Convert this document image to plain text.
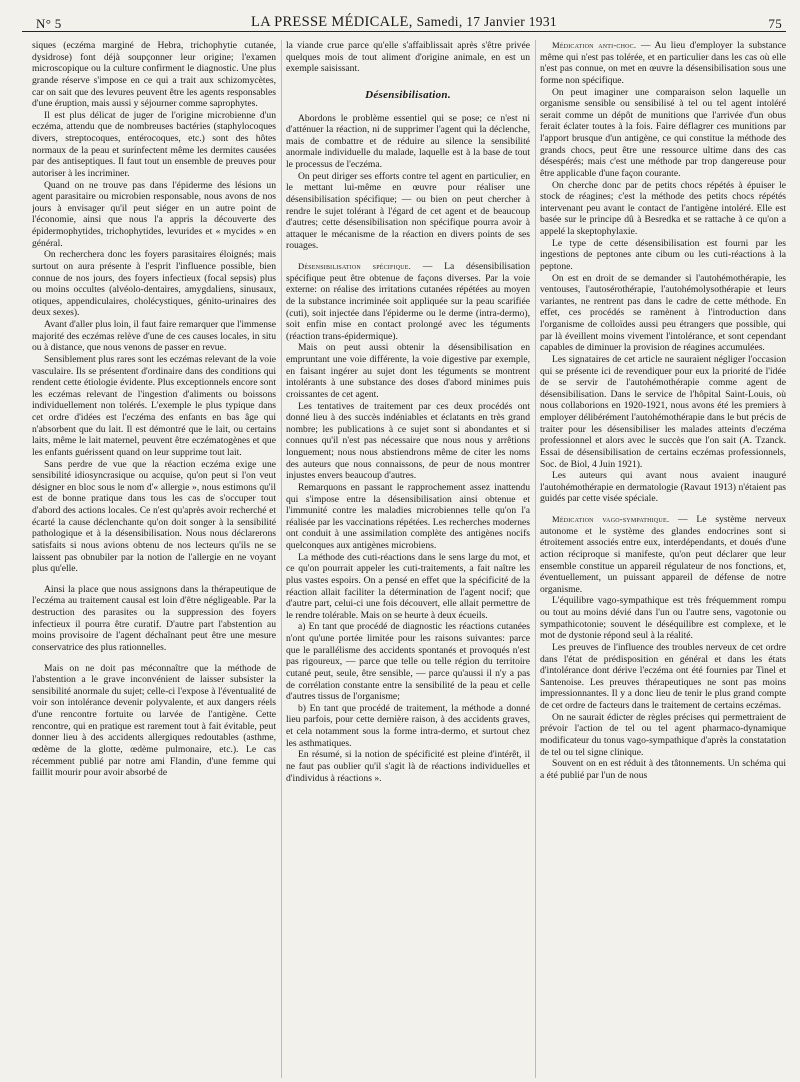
N° 5	LA PRESSE MÉDICALE, Samedi, 17 Janvier 1931	75

siques (eczéma marginé de Hebra, trichophytie cutanée, dysidrose) font déjà soupçonner leur origine; l'examen microscopique ou la culture confirment le diagnostic. Une plus grande réserve s'impose en ce qui a trait aux schizomycètes, car on sait que des levures peuvent être les agents responsables d'une éruption, mais aussi y séjourner comme saprophytes.

Il est plus délicat de juger de l'origine microbienne d'un eczéma, attendu que de nombreuses bactéries (staphylocoques divers, streptocoques, entérocoques, etc.) sont des hôtes normaux de la peau et surinfectent même les dermites causées par des antiseptiques. Il faut tout un ensemble de preuves pour autoriser à les incriminer.

Quand on ne trouve pas dans l'épiderme des lésions un agent parasitaire ou microbien responsable, nous avons de nos jours à envisager qu'il peut siéger en un autre point de l'économie, ainsi que nous l'a appris la découverte des épidermophytides, trichophytides, levurides et « mycides » en général.

On recherchera donc les foyers parasitaires éloignés; mais surtout on aura présente à l'esprit l'influence possible, bien connue de nos jours, des foyers infectieux (focal sepsis) plus ou moins occultes (alvéolo-dentaires, amygdaliens, sinusaux, otiques, appendiculaires, cholécystiques, génito-urinaires des deux sexes).

Avant d'aller plus loin, il faut faire remarquer que l'immense majorité des eczémas relève d'une de ces causes locales, in situ ou à distance, que nous venons de passer en revue.

Sensiblement plus rares sont les eczémas relevant de la voie vasculaire. Ils se présentent d'ordinaire dans des conditions qui rendent cette étiologie évidente. Plus exceptionnels encore sont les eczémas relevant de l'ingestion d'aliments ou boissons individuellement non tolérés. L'exemple le plus typique dans cet ordre d'idées est l'eczéma des enfants en bas âge qui n'absorbent que du lait. Il est démontré que le lait, ou certains laits, même le lait maternel, peuvent être eczématogènes et que les enfants guérissent quand on leur supprime tout lait.

Sans perdre de vue que la réaction eczéma exige une sensibilité idiosyncrasique ou acquise, qu'on peut si l'on veut désigner en bloc sous le nom d'« allergie », nous estimons qu'il est de bonne pratique dans tous les cas de s'occuper tout d'abord des actions locales. Ce n'est qu'après avoir recherché et écarté la cause déclenchante qu'on doit songer à la sensibilité pathologique et à la désensibilisation. Nous nous déclarerons satisfaits si nous avions obtenu de nos lecteurs qu'ils ne se laissent pas obnubiler par la notion de l'allergie en ne voyant plus qu'elle.

Ainsi la place que nous assignons dans la thérapeutique de l'eczéma au traitement causal est loin d'être négligeable. Par la destruction des parasites ou la suppression des foyers infectieux il pourra être curatif. D'autre part l'abstention au moins provisoire de l'agent déchaînant peut être une mesure conservatrice des plus rationnelles.

Mais on ne doit pas méconnaître que la méthode de l'abstention a le grave inconvénient de laisser subsister la sensibilité anormale du sujet; celle-ci l'expose à l'éventualité de voir son intolérance devenir polyvalente, et aux dangers réels d'une rencontre fortuite ou larvée de l'antigène. Cette rencontre, qui en pratique est rarement tout à fait évitable, peut donner lieu à des accidents allergiques redoutables (asthme, œdème de la glotte, œdème pulmonaire, etc.). Le cas récemment publié par notre ami Flandin, d'une femme qui faillit mourir pour avoir absorbé de

la viande crue parce qu'elle s'affaiblissait après s'être privée quelques mois de tout aliment d'origine animale, en est un exemple saisissant.

Désensibilisation.

Abordons le problème essentiel qui se pose; ce n'est ni d'atténuer la réaction, ni de supprimer l'agent qui la déclenche, mais de combattre et de réduire au silence la sensibilité anormale individuelle du malade, laquelle est à la base de tout le processus de l'eczéma.

On peut diriger ses efforts contre tel agent en particulier, en le mettant lui-même en œuvre pour réaliser une désensibilisation spécifique; — ou bien on peut chercher à rendre le sujet tolérant à l'égard de cet agent et de beaucoup d'autres; cette désensibilisation non spécifique pourra avoir à attaquer le mécanisme de la réaction en divers points de ses rouages.

Désensibilisation spécifique. — La désensibilisation spécifique peut être obtenue de façons diverses. Par la voie externe: on réalise des irritations cutanées répétées au moyen de la substance incriminée soit appliquée sur la peau scarifiée (cuti), soit injectée dans l'épiderme ou le derme (intra-dermo), soit enfin mise en contact prolongé avec les téguments (réaction trans-épidermique).

Mais on peut aussi obtenir la désensibilisation en empruntant une voie différente, la voie digestive par exemple, en faisant ingérer au sujet dont les téguments se montrent intolérants à une substance des doses d'abord minimes puis croissantes de cet agent.

Les tentatives de traitement par ces deux procédés ont donné lieu à des succès indéniables et éclatants en très grand nombre; les publications à ce sujet sont si abondantes et si connues qu'il n'est pas nécessaire que nous nous y arrêtions longuement; nous nous abstiendrons même de citer les noms des auteurs que nous connaissons, de peur de nous montrer injustes envers beaucoup d'autres.

Remarquons en passant le rapprochement assez inattendu qui s'impose entre la désensibilisation ainsi obtenue et l'immunité contre les maladies microbiennes telle qu'on l'a réalisée par les vaccinations répétées. Les recherches modernes ont conduit à une assimilation complète des antigènes nocifs quelconques aux antigènes microbiens.

La méthode des cuti-réactions dans le sens large du mot, et ce qu'on pourrait appeler les cuti-traitements, a fait naître les plus vastes espoirs. On a pensé en effet que la spécificité de la réaction allait faciliter la détermination de l'agent nocif; que d'autre part, celui-ci une fois découvert, elle allait permettre de le rendre tolérable. Mais on se heurte à deux écueils.

a) En tant que procédé de diagnostic les réactions cutanées n'ont qu'une portée limitée pour les raisons suivantes: parce que le parallélisme des accidents spontanés et provoqués n'est pas rigoureux, — parce que telle ou telle région du territoire cutané peut, seule, être sensible, — parce qu'aussi il n'y a pas de corrélation constante entre la sensibilité de la peau et celle d'autres tissus de l'organisme;

b) En tant que procédé de traitement, la méthode a donné lieu parfois, pour cette dernière raison, à des accidents graves, et cela notamment sous la forme intra-dermo, et surtout chez les asthmatiques.

En résumé, si la notion de spécificité est pleine d'intérêt, il ne faut pas oublier qu'il s'agit là de réactions individuelles et d'individus à réactions ».

Médication anti-choc. — Au lieu d'employer la substance même qui n'est pas tolérée, et en particulier dans les cas où elle n'est pas connue, on met en œuvre la désensibilisation sous une forme non spécifique.

On peut imaginer une comparaison selon laquelle un organisme sensible ou sensibilisé à tel ou tel agent intoléré serait comme un dépôt de munitions que l'arrivée d'un obus ferait éclater toutes à la fois. Faire déflagrer ces munitions par l'apport brusque d'un antigène, ce qui constitue la méthode des grands chocs, peut être une ressource ultime dans des cas désespérés; mais c'est une méthode par trop dangereuse pour être applicable d'une façon courante.

On cherche donc par de petits chocs répétés à épuiser le stock de réagines; c'est la méthode des petits chocs répétés intervenant peu avant le contact de l'antigène intoléré. Elle est basée sur le principe dû à Besredka et se rattache à ce qu'on a appelé la skeptophylaxie.

Le type de cette désensibilisation est fourni par les ingestions de peptones ante cibum ou les cuti-réactions à la peptone.

On est en droit de se demander si l'autohémothérapie, les ventouses, l'autosérothérapie, l'autohémolysothérapie et leurs variantes, ne rentrent pas dans le cadre de cette méthode. En effet, ces procédés se ramènent à l'introduction dans l'organisme de colloïdes aussi peu étrangers que possible, qui par là éveillent moins vivement l'intolérance, et sont cependant capables de diminuer la provision de réagines accumulées.

Les signataires de cet article ne sauraient négliger l'occasion qui se présente ici de revendiquer pour eux la priorité de l'idée de se servir de l'autohémothérapie comme agent de désensibilisation. Dans le service de l'hôpital Saint-Louis, où nous collaborions en 1920-1921, nous avons été les premiers à employer délibérément l'autohémothérapie dans le but précis de traiter pour les désensibiliser les malades atteints d'eczéma professionnel et alors avec le succès que l'on sait (A. Tzanck. Essai de désensibilisation de certains eczémas professionnels, Soc. de Biol, 4 Juin 1921).

Les auteurs qui avant nous avaient inauguré l'autohémothérapie en dermatologie (Ravaut 1913) n'étaient pas guidés par cette visée spéciale.

Médication vago-sympathique. — Le système nerveux autonome et le système des glandes endocrines sont si étroitement associés entre eux, interdépendants, et doués d'une action réciproque si manifeste, qu'on peut déclarer que leur ensemble constitue un appareil régulateur de nos fonctions, et, éventuellement, un puissant appareil de défense de notre organisme.

L'équilibre vago-sympathique est très fréquemment rompu ou tout au moins dévié dans l'un ou l'autre sens, vagotonie ou sympathicotonie; souvent le déséquilibre est complexe, et le mot de dystonie répond seul à la réalité.

Les preuves de l'influence des troubles nerveux de cet ordre dans l'état de prédisposition en général et dans les états d'intolérance dont dérive l'eczéma ont été fournies par Tinel et Santenoise. Les preuves thérapeutiques ne sont pas moins impressionnantes. Il y a donc lieu de tenir le plus grand compte de cet ordre de facteurs dans le traitement de certains eczémas.

On ne saurait édicter de règles précises qui permettraient de prévoir l'action de tel ou tel agent pharmaco-dynamique modificateur du tonus vago-sympathique d'après la constatation de tel ou tel signe clinique.

Souvent on en est réduit à des tâtonnements. Un schéma qui a été publié par l'un de nous
